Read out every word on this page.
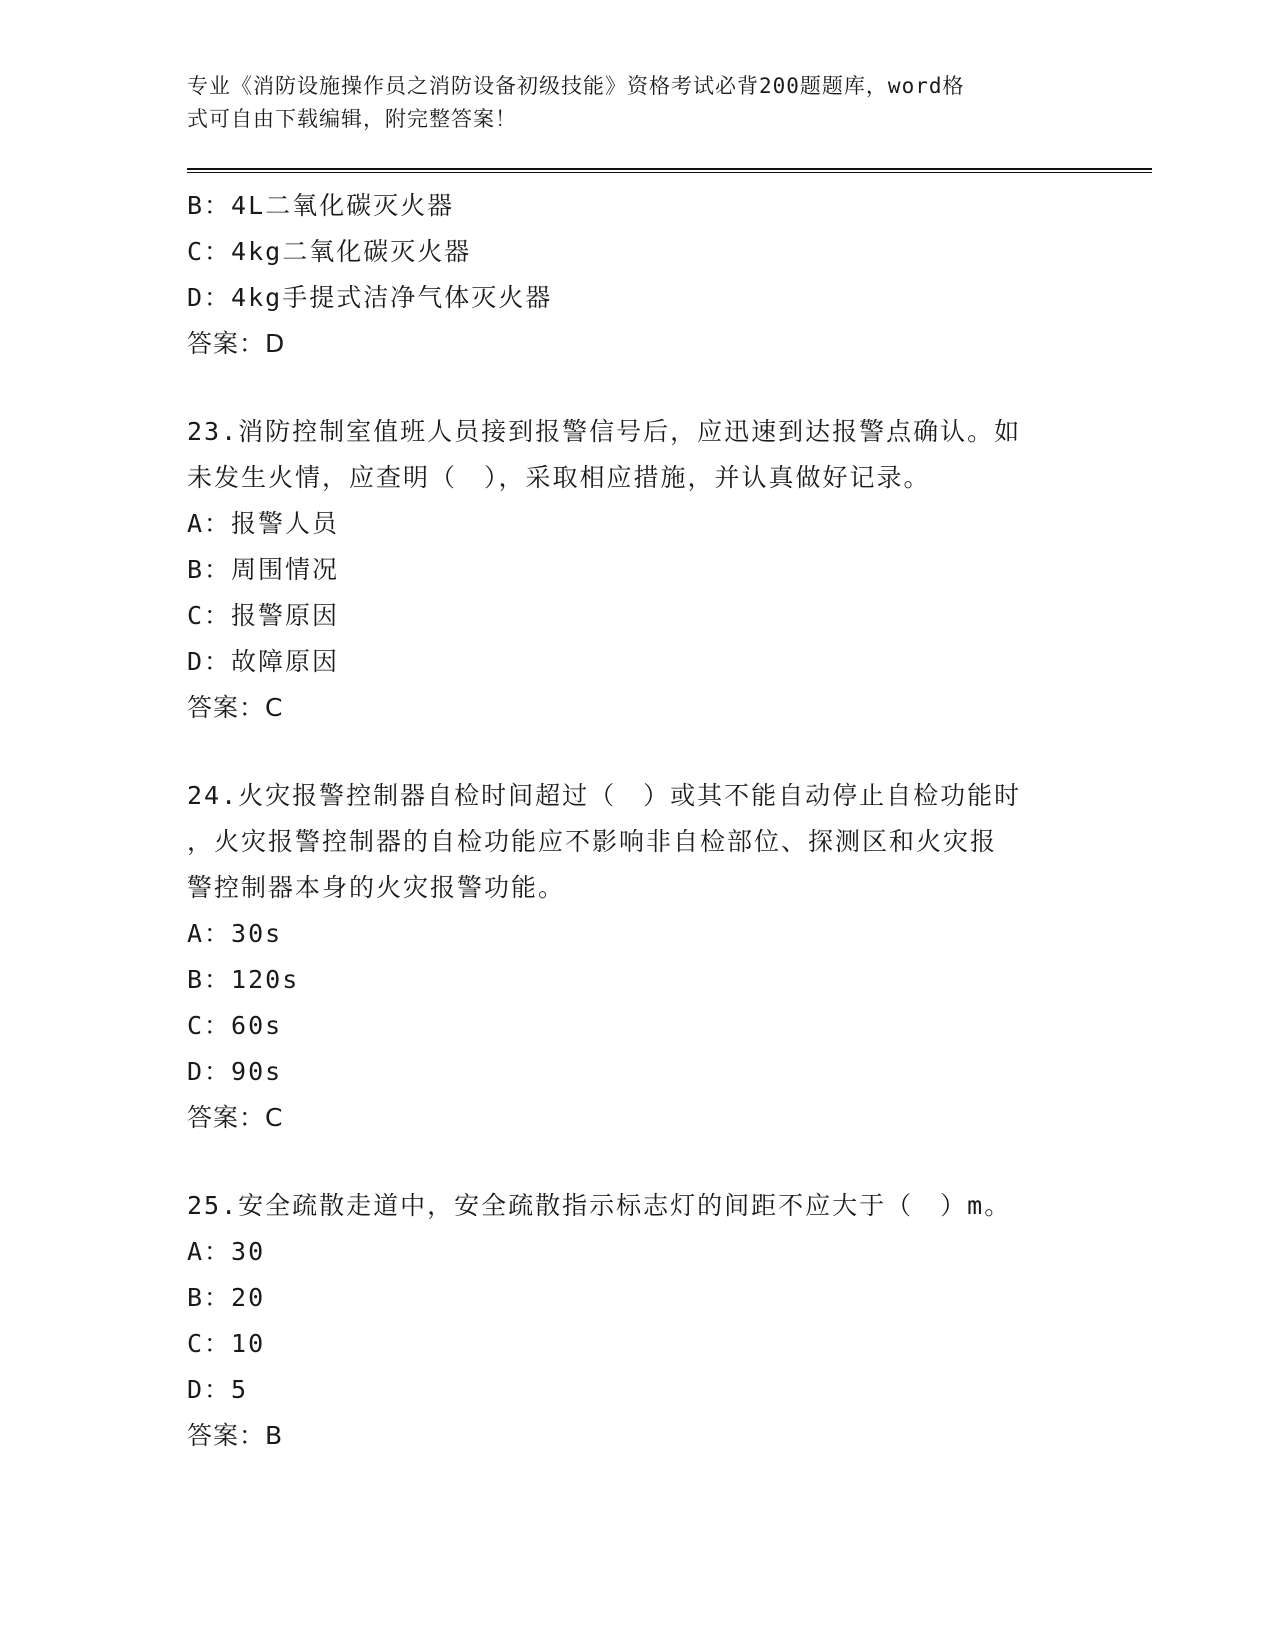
专业《消防设施操作员之消防设备初级技能》资格考试必背200题题库，word格
式可自由下载编辑，附完整答案！
B：4L二氧化碳灭火器
C：4kg二氧化碳灭火器
D：4kg手提式洁净气体灭火器
答案：D
23.消防控制室值班人员接到报警信号后，应迅速到达报警点确认。如
未发生火情，应查明（　），采取相应措施，并认真做好记录。
A：报警人员
B：周围情况
C：报警原因
D：故障原因
答案：C
24.火灾报警控制器自检时间超过（　）或其不能自动停止自检功能时
，火灾报警控制器的自检功能应不影响非自检部位、探测区和火灾报
警控制器本身的火灾报警功能。
A：30s
B：120s
C：60s
D：90s
答案：C
25.安全疏散走道中，安全疏散指示标志灯的间距不应大于（　）m。
A：30
B：20
C：10
D：5
答案：B
